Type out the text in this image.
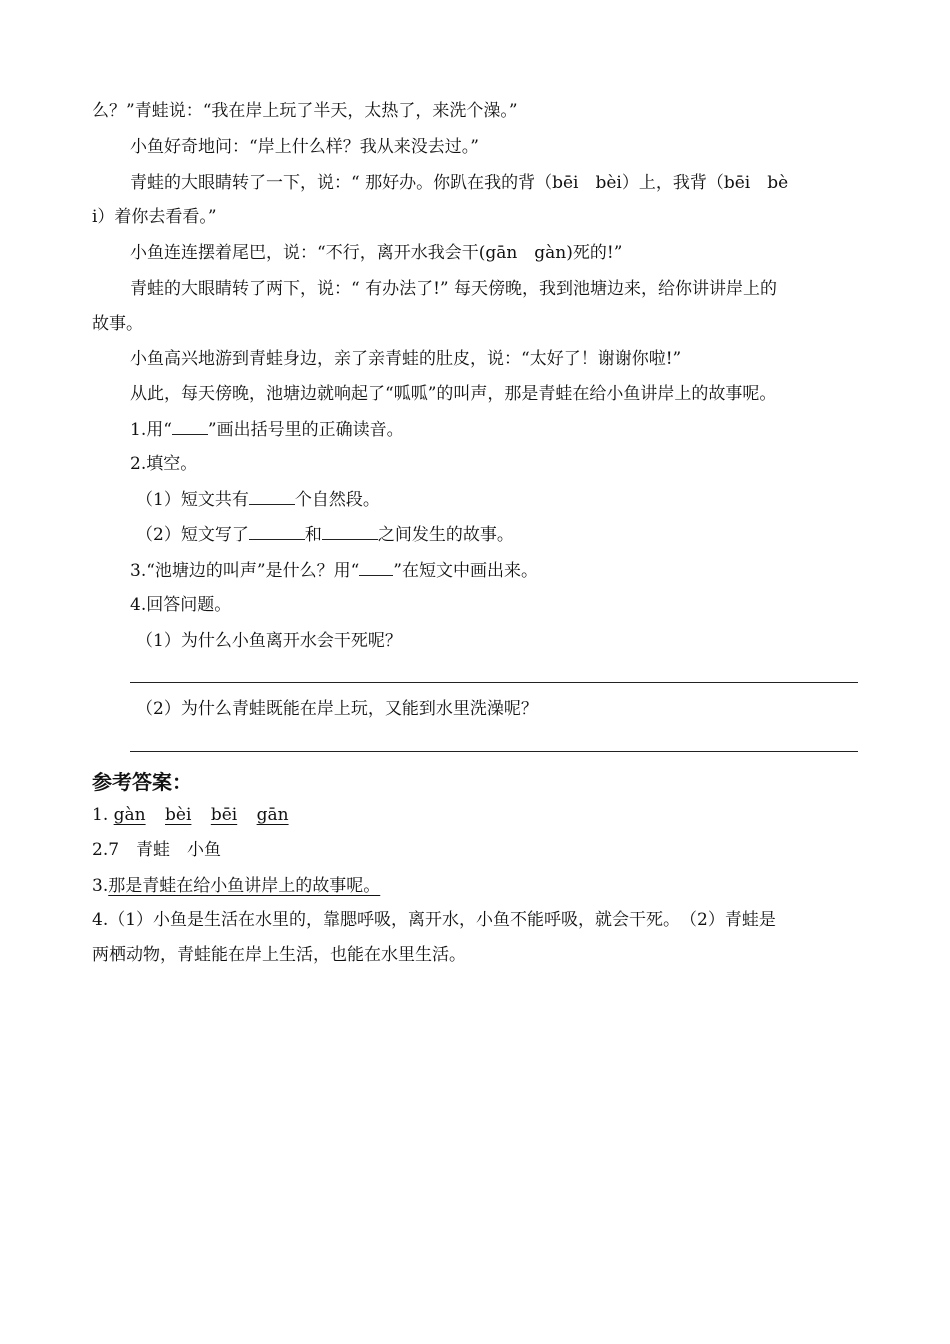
么？”青蛙说：“我在岸上玩了半天，太热了，来洗个澡。”
小鱼好奇地问：“岸上什么样？我从来没去过。”
青蛙的大眼睛转了一下，说：“ 那好办。你趴在我的背（bēi　bèi）上，我背（bēi　bè
i）着你去看看。”
小鱼连连摆着尾巴，说：“不行，离开水我会干(gān　gàn)死的!”
青蛙的大眼睛转了两下，说：“ 有办法了!” 每天傍晚，我到池塘边来，给你讲讲岸上的
故事。
小鱼高兴地游到青蛙身边，亲了亲青蛙的肚皮，说：“太好了！谢谢你啦!”
从此，每天傍晚，池塘边就响起了“呱呱”的叫声，那是青蛙在给小鱼讲岸上的故事呢。
1.用“ ”画出括号里的正确读音。
2.填空。
（1）短文共有	个自然段。
（2）短文写了	和	之间发生的故事。
3.“池塘边的叫声”是什么？用“ ”在短文中画出来。
4.回答问题。
（1）为什么小鱼离开水会干死呢？
（2）为什么青蛙既能在岸上玩，又能到水里洗澡呢？
参考答案：
1. gàn bèi bēi gān
2.7　青蛙　小鱼
3.那是青蛙在给小鱼讲岸上的故事呢。
4.（1）小鱼是生活在水里的，靠腮呼吸，离开水，小鱼不能呼吸，就会干死。　（2）青蛙是
两栖动物，青蛙能在岸上生活，也能在水里生活。
